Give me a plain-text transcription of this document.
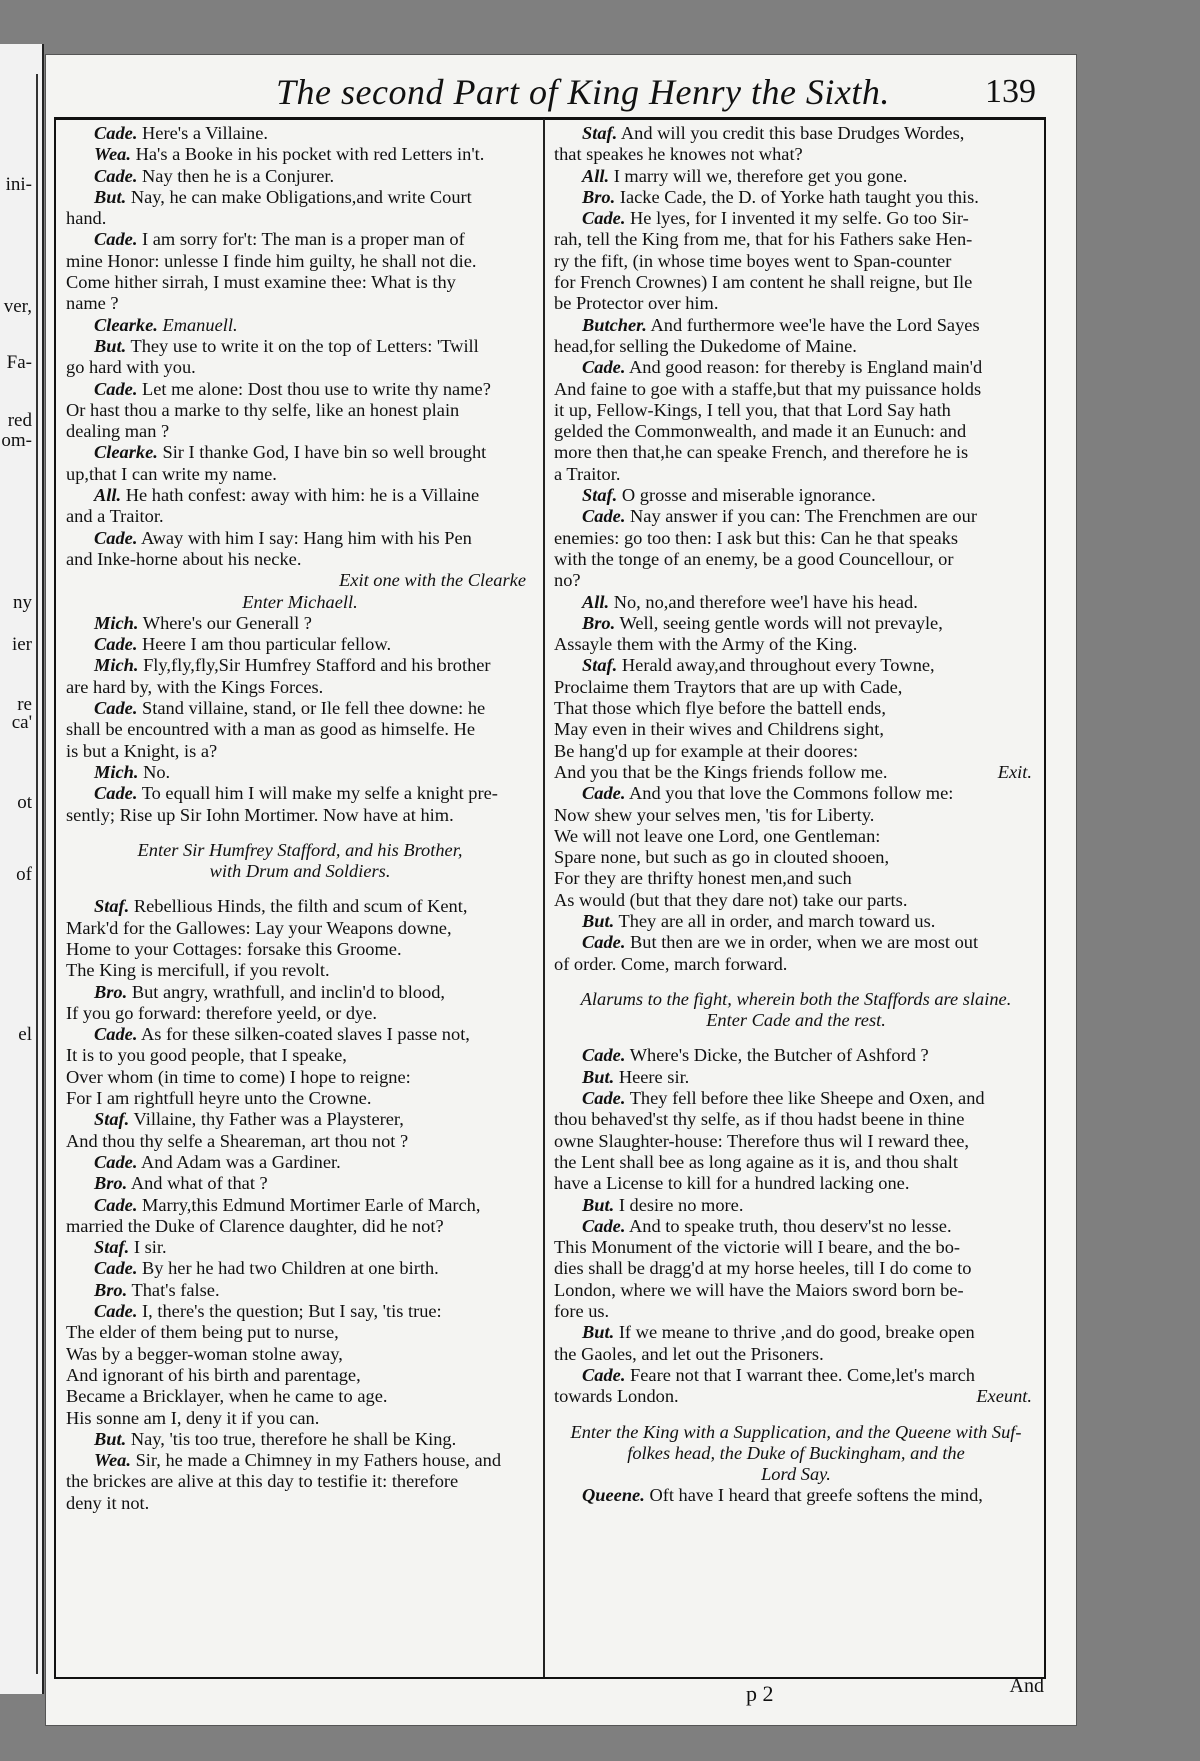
ini-
ver,
Fa-
red
om-
ny
ier
re
ca'
ot
of
el
The second Part of King Henry the Sixth.	139
Cade. Here's a Villaine.
Wea. Ha's a Booke in his pocket with red Letters in't.
Cade. Nay then he is a Conjurer.
But. Nay, he can make Obligations,and write Court
hand.
Cade. I am sorry for't: The man is a proper man of
mine Honor: unlesse I finde him guilty, he shall not die.
Come hither sirrah, I must examine thee: What is thy
name ?
Clearke. Emanuell.
But. They use to write it on the top of Letters: 'Twill
go hard with you.
Cade. Let me alone: Dost thou use to write thy name?
Or hast thou a marke to thy selfe, like an honest plain
dealing man ?
Clearke. Sir I thanke God, I have bin so well brought
up,that I can write my name.
All. He hath confest: away with him: he is a Villaine
and a Traitor.
Cade. Away with him I say: Hang him with his Pen
and Inke-horne about his necke.
Exit one with the Clearke
Enter Michaell.
Mich. Where's our Generall ?
Cade. Heere I am thou particular fellow.
Mich. Fly,fly,fly,Sir Humfrey Stafford and his brother
are hard by, with the Kings Forces.
Cade. Stand villaine, stand, or Ile fell thee downe: he
shall be encountred with a man as good as himselfe. He
is but a Knight, is a?
Mich. No.
Cade. To equall him I will make my selfe a knight pre-
sently; Rise up Sir Iohn Mortimer. Now have at him.
Enter Sir Humfrey Stafford, and his Brother,
with Drum and Soldiers.
Staf. Rebellious Hinds, the filth and scum of Kent,
Mark'd for the Gallowes: Lay your Weapons downe,
Home to your Cottages: forsake this Groome.
The King is mercifull, if you revolt.
Bro. But angry, wrathfull, and inclin'd to blood,
If you go forward: therefore yeeld, or dye.
Cade. As for these silken-coated slaves I passe not,
It is to you good people, that I speake,
Over whom (in time to come) I hope to reigne:
For I am rightfull heyre unto the Crowne.
Staf. Villaine, thy Father was a Playsterer,
And thou thy selfe a Sheareman, art thou not ?
Cade. And Adam was a Gardiner.
Bro. And what of that ?
Cade. Marry,this Edmund Mortimer Earle of March,
married the Duke of Clarence daughter, did he not?
Staf. I sir.
Cade. By her he had two Children at one birth.
Bro. That's false.
Cade. I, there's the question; But I say, 'tis true:
The elder of them being put to nurse,
Was by a begger-woman stolne away,
And ignorant of his birth and parentage,
Became a Bricklayer, when he came to age.
His sonne am I, deny it if you can.
But. Nay, 'tis too true, therefore he shall be King.
Wea. Sir, he made a Chimney in my Fathers house, and
the brickes are alive at this day to testifie it: therefore
deny it not.
Staf. And will you credit this base Drudges Wordes,
that speakes he knowes not what?
All. I marry will we, therefore get you gone.
Bro. Iacke Cade, the D. of Yorke hath taught you this.
Cade. He lyes, for I invented it my selfe. Go too Sir-
rah, tell the King from me, that for his Fathers sake Hen-
ry the fift, (in whose time boyes went to Span-counter
for French Crownes) I am content he shall reigne, but Ile
be Protector over him.
Butcher. And furthermore wee'le have the Lord Sayes
head,for selling the Dukedome of Maine.
Cade. And good reason: for thereby is England main'd
And faine to goe with a staffe,but that my puissance holds
it up, Fellow-Kings, I tell you, that that Lord Say hath
gelded the Commonwealth, and made it an Eunuch: and
more then that,he can speake French, and therefore he is
a Traitor.
Staf. O grosse and miserable ignorance.
Cade. Nay answer if you can: The Frenchmen are our
enemies: go too then: I ask but this: Can he that speaks
with the tonge of an enemy, be a good Councellour, or
no?
All. No, no,and therefore wee'l have his head.
Bro. Well, seeing gentle words will not prevayle,
Assayle them with the Army of the King.
Staf. Herald away,and throughout every Towne,
Proclaime them Traytors that are up with Cade,
That those which flye before the battell ends,
May even in their wives and Childrens sight,
Be hang'd up for example at their doores:
Exit.
And you that be the Kings friends follow me.
Cade. And you that love the Commons follow me:
Now shew your selves men, 'tis for Liberty.
We will not leave one Lord, one Gentleman:
Spare none, but such as go in clouted shooen,
For they are thrifty honest men,and such
As would (but that they dare not) take our parts.
But. They are all in order, and march toward us.
Cade. But then are we in order, when we are most out
of order. Come, march forward.
Alarums to the fight, wherein both the Staffords are slaine.
Enter Cade and the rest.
Cade. Where's Dicke, the Butcher of Ashford ?
But. Heere sir.
Cade. They fell before thee like Sheepe and Oxen, and
thou behaved'st thy selfe, as if thou hadst beene in thine
owne Slaughter-house: Therefore thus wil I reward thee,
the Lent shall bee as long againe as it is, and thou shalt
have a License to kill for a hundred lacking one.
But. I desire no more.
Cade. And to speake truth, thou deserv'st no lesse.
This Monument of the victorie will I beare, and the bo-
dies shall be dragg'd at my horse heeles, till I do come to
London, where we will have the Maiors sword born be-
fore us.
But. If we meane to thrive ,and do good, breake open
the Gaoles, and let out the Prisoners.
Cade. Feare not that I warrant thee. Come,let's march
Exeunt.
towards London.
Enter the King with a Supplication, and the Queene with Suf-
folkes head, the Duke of Buckingham, and the
Lord Say.
Queene. Oft have I heard that greefe softens the mind,
p 2	And
